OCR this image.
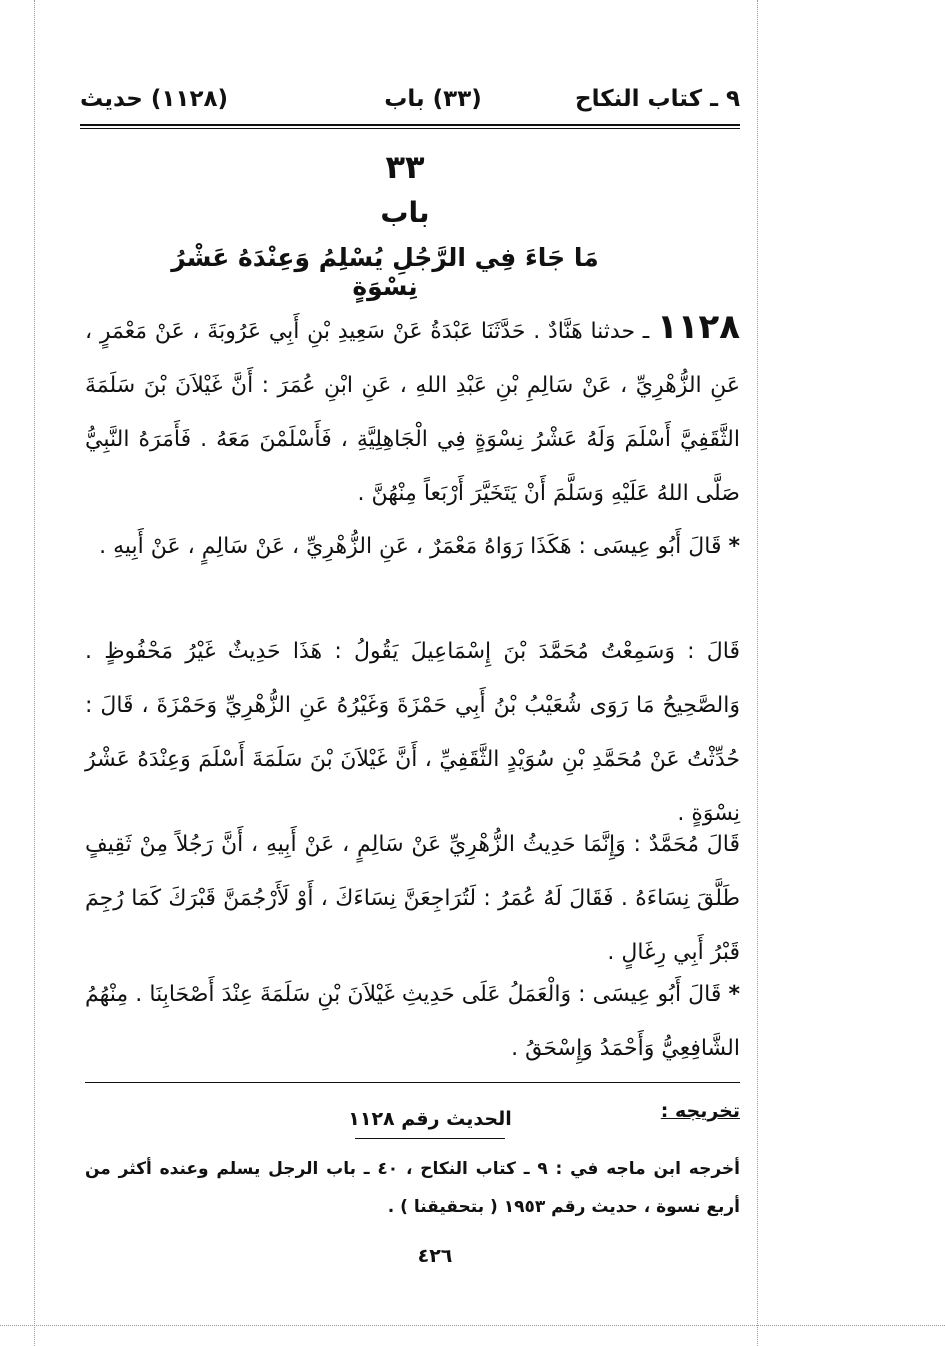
٩ ـ كتاب النكاح
(٣٣) باب
(١١٢٨) حديث
٣٣
باب
مَا جَاءَ فِي الرَّجُلِ يُسْلِمُ وَعِنْدَهُ عَشْرُ نِسْوَةٍ
١١٢٨ ـ حدثنا هَنَّادٌ . حَدَّثَنَا عَبْدَةُ عَنْ سَعِيدِ بْنِ أَبِي عَرُوبَةَ ، عَنْ مَعْمَرٍ ، عَنِ الزُّهْرِيِّ ، عَنْ سَالِمِ بْنِ عَبْدِ اللهِ ، عَنِ ابْنِ عُمَرَ : أَنَّ غَيْلاَنَ بْنَ سَلَمَةَ الثَّقَفِيَّ أَسْلَمَ وَلَهُ عَشْرُ نِسْوَةٍ فِي الْجَاهِلِيَّةِ ، فَأَسْلَمْنَ مَعَهُ . فَأَمَرَهُ النَّبِيُّ صَلَّى اللهُ عَلَيْهِ وَسَلَّمَ أَنْ يَتَخَيَّرَ أَرْبَعاً مِنْهُنَّ .
* قَالَ أَبُو عِيسَى : هَكَذَا رَوَاهُ مَعْمَرٌ ، عَنِ الزُّهْرِيِّ ، عَنْ سَالِمٍ ، عَنْ أَبِيهِ .
قَالَ : وَسَمِعْتُ مُحَمَّدَ بْنَ إِسْمَاعِيلَ يَقُولُ : هَذَا حَدِيثٌ غَيْرُ مَحْفُوظٍ . وَالصَّحِيحُ مَا رَوَى شُعَيْبُ بْنُ أَبِي حَمْزَةَ وَغَيْرُهُ عَنِ الزُّهْرِيِّ وَحَمْزَةَ ، قَالَ : حُدِّثْتُ عَنْ مُحَمَّدِ بْنِ سُوَيْدٍ الثَّقَفِيِّ ، أَنَّ غَيْلاَنَ بْنَ سَلَمَةَ أَسْلَمَ وَعِنْدَهُ عَشْرُ نِسْوَةٍ .
قَالَ مُحَمَّدٌ : وَإِنَّمَا حَدِيثُ الزُّهْرِيِّ عَنْ سَالِمٍ ، عَنْ أَبِيهِ ، أَنَّ رَجُلاً مِنْ ثَقِيفٍ طَلَّقَ نِسَاءَهُ . فَقَالَ لَهُ عُمَرُ : لَتُرَاجِعَنَّ نِسَاءَكَ ، أَوْ لَأَرْجُمَنَّ قَبْرَكَ كَمَا رُجِمَ قَبْرُ أَبِي رِغَالٍ .
* قَالَ أَبُو عِيسَى : وَالْعَمَلُ عَلَى حَدِيثِ غَيْلاَنَ بْنِ سَلَمَةَ عِنْدَ أَصْحَابِنَا . مِنْهُمُ الشَّافِعِيُّ وَأَحْمَدُ وَإِسْحَقُ .
تخريجه :
الحديث رقم ١١٢٨
أخرجه ابن ماجه في : ٩ ـ كتاب النكاح ، ٤٠ ـ باب الرجل يسلم وعنده أكثر من أربع نسوة ، حديث رقم ١٩٥٣ ( بتحقيقنا ) .
٤٢٦
